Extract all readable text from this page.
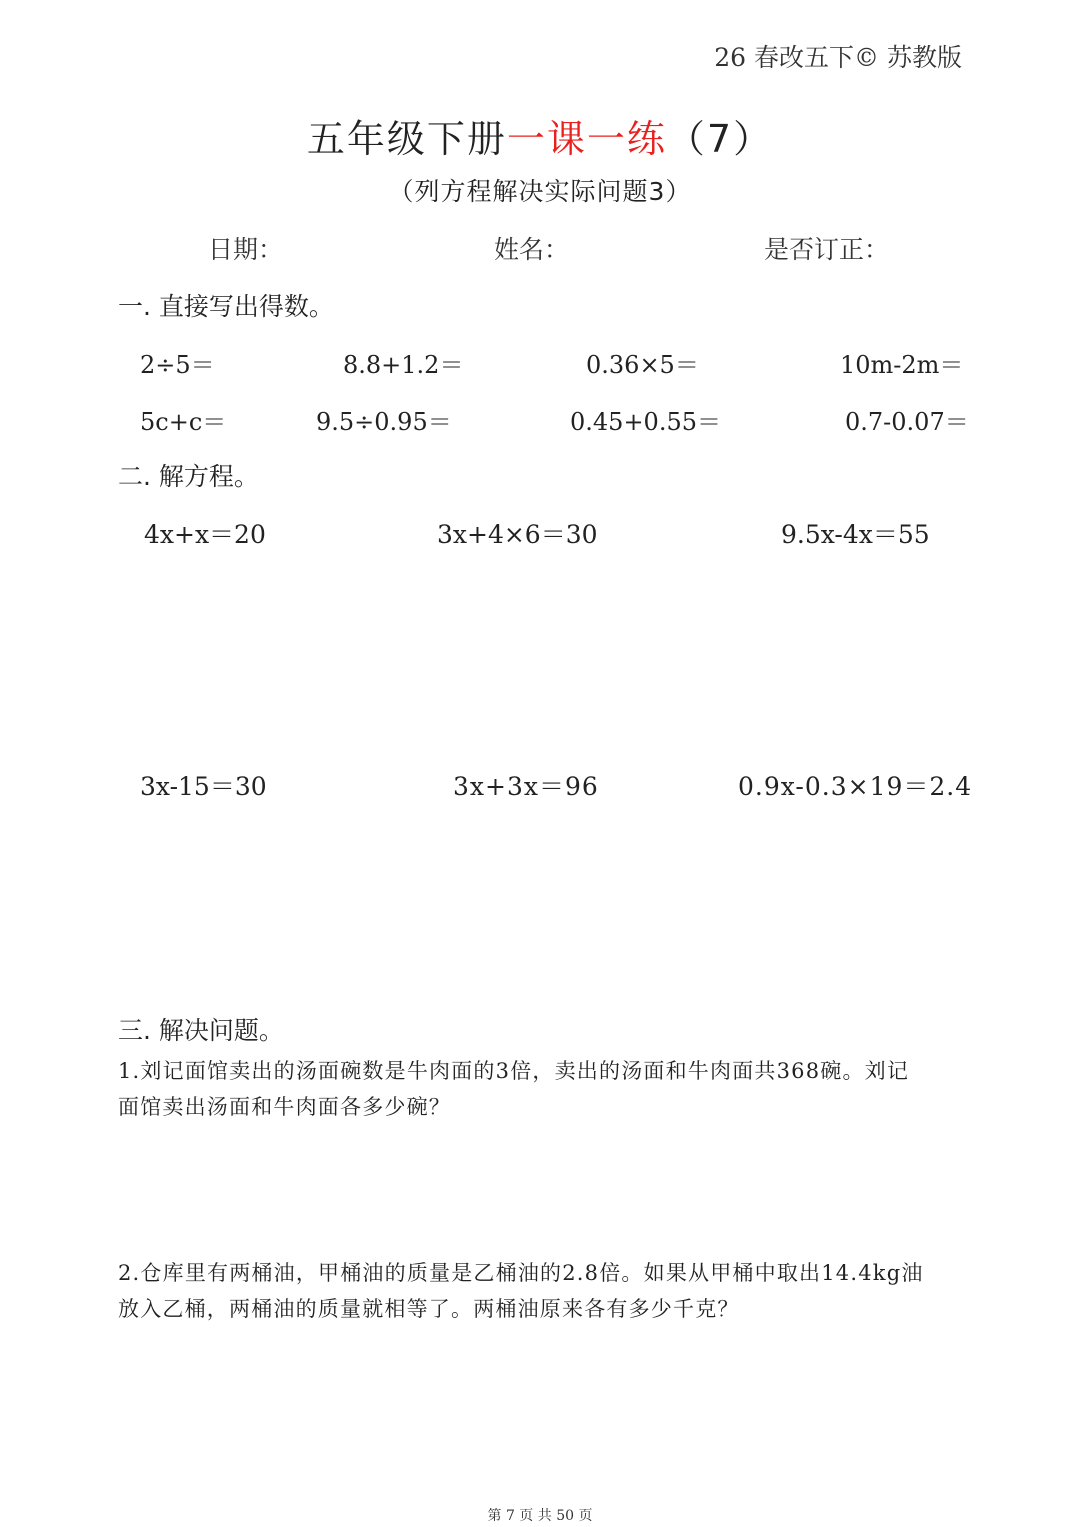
26 春改五下© 苏教版
五年级下册一课一练（7）
（列方程解决实际问题3）
日期：	姓名：	是否订正：
一. 直接写出得数。
2÷5＝	8.8+1.2＝	0.36×5＝	10m-2m＝
5c+c＝	9.5÷0.95＝	0.45+0.55＝	0.7-0.07＝
二. 解方程。
4x+x＝20	3x+4×6＝30	9.5x-4x＝55
3x-15＝30	3x+3x＝96	0.9x-0.3×19＝2.4
三. 解决问题。
1.刘记面馆卖出的汤面碗数是牛肉面的3倍，卖出的汤面和牛肉面共368碗。刘记
面馆卖出汤面和牛肉面各多少碗？
2.仓库里有两桶油，甲桶油的质量是乙桶油的2.8倍。如果从甲桶中取出14.4kg油
放入乙桶，两桶油的质量就相等了。两桶油原来各有多少千克？
第 7 页 共 50 页
